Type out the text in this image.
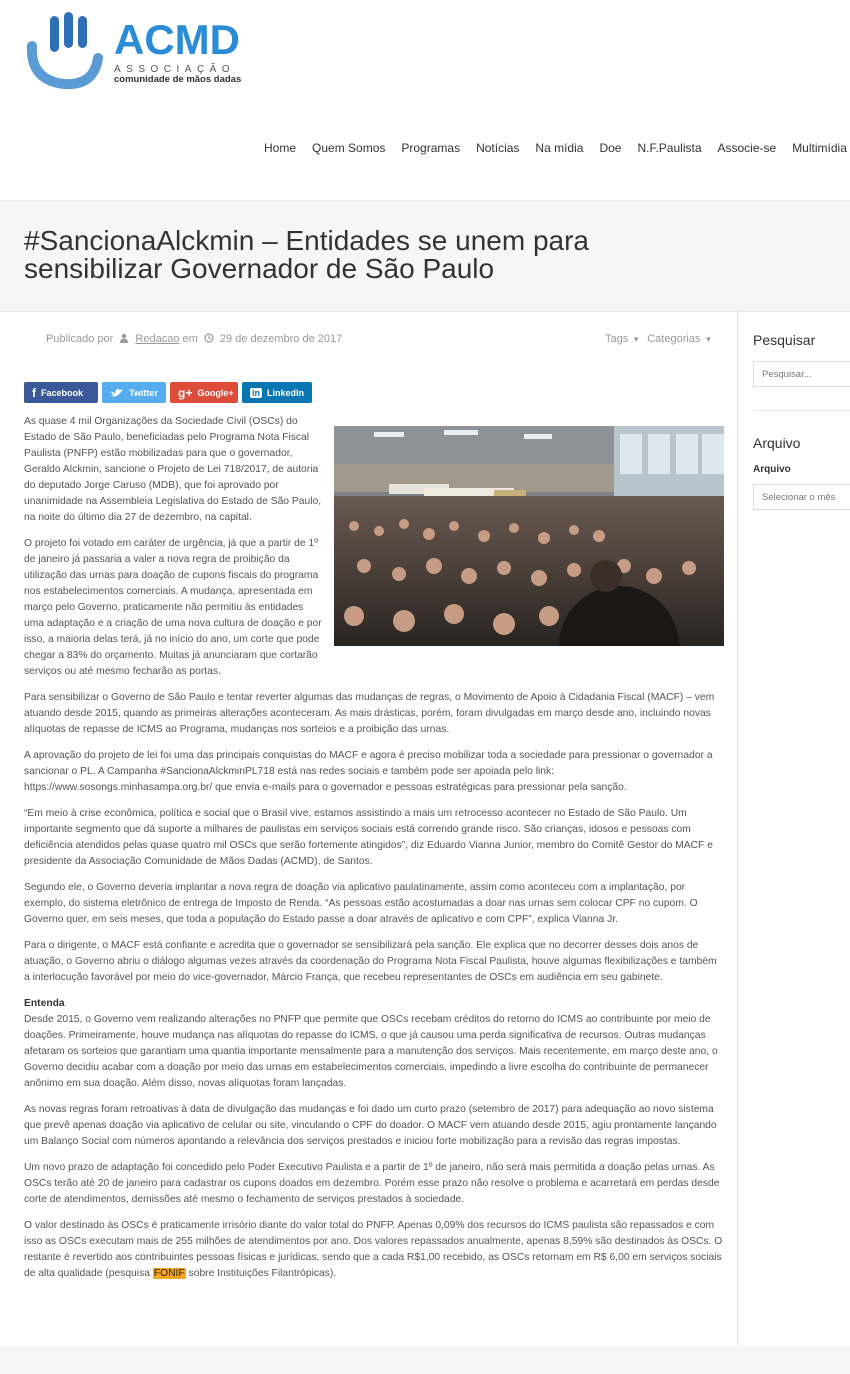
ACMD
ASSOCIAÇÃO
comunidade de mãos dadas
Home Quem Somos Programas Notícias Na mídia Doe N.F.Paulista Associe-se Multimídia
#SancionaAlckmin – Entidades se unem para sensibilizar Governador de São Paulo
Publicado por Redacao em 29 de dezembro de 2017	Tags ▼ Categorias ▼
f Facebook	Twitter g+ Google+ in LinkedIn
Pesquisar
Pesquisar...
Arquivo
Arquivo
Selecionar o mês

As quase 4 mil Organizações da Sociedade Civil (OSCs) do Estado de São Paulo, beneficiadas pelo Programa Nota Fiscal Paulista (PNFP) estão mobilizadas para que o governador, Geraldo Alckmin, sancione o Projeto de Lei 718/2017, de autoria do deputado Jorge Caruso (MDB), que foi aprovado por unanimidade na Assembleia Legislativa do Estado de São Paulo, na noite do último dia 27 de dezembro, na capital.

O projeto foi votado em caráter de urgência, já que a partir de 1º de janeiro já passaria a valer a nova regra de proibição da utilização das urnas para doação de cupons fiscais do programa nos estabelecimentos comerciais. A mudança, apresentada em março pelo Governo, praticamente não permitiu às entidades uma adaptação e a criação de uma nova cultura de doação e por isso, a maioria delas terá, já no início do ano, um corte que pode chegar a 83% do orçamento. Muitas já anunciaram que cortarão serviços ou até mesmo fecharão as portas.

Para sensibilizar o Governo de São Paulo e tentar reverter algumas das mudanças de regras, o Movimento de Apoio à Cidadania Fiscal (MACF) – vem atuando desde 2015, quando as primeiras alterações aconteceram. As mais drásticas, porém, foram divulgadas em março desde ano, incluindo novas alíquotas de repasse de ICMS ao Programa, mudanças nos sorteios e a proibição das urnas.

A aprovação do projeto de lei foi uma das principais conquistas do MACF e agora é preciso mobilizar toda a sociedade para pressionar o governador a sancionar o PL. A Campanha #SancionaAlckminPL718 está nas redes sociais e também pode ser apoiada pelo link: https://www.sosongs.minhasampa.org.br/ que envia e-mails para o governador e pessoas estratégicas para pressionar pela sanção.

“Em meio à crise econômica, política e social que o Brasil vive, estamos assistindo a mais um retrocesso acontecer no Estado de São Paulo. Um importante segmento que dá suporte a milhares de paulistas em serviços sociais está correndo grande risco. São crianças, idosos e pessoas com deficiência atendidos pelas quase quatro mil OSCs que serão fortemente atingidos”, diz Eduardo Vianna Junior, membro do Comitê Gestor do MACF e presidente da Associação Comunidade de Mãos Dadas (ACMD), de Santos.

Segundo ele, o Governo deveria implantar a nova regra de doação via aplicativo paulatinamente, assim como aconteceu com a implantação, por exemplo, do sistema eletrônico de entrega de Imposto de Renda. “As pessoas estão acostumadas a doar nas urnas sem colocar CPF no cupom. O Governo quer, em seis meses, que toda a população do Estado passe a doar através de aplicativo e com CPF”, explica Vianna Jr.

Para o dirigente, o MACF está confiante e acredita que o governador se sensibilizará pela sanção. Ele explica que no decorrer desses dois anos de atuação, o Governo abriu o diálogo algumas vezes através da coordenação do Programa Nota Fiscal Paulista, houve algumas flexibilizações e também a interlocução favorável por meio do vice-governador, Márcio França, que recebeu representantes de OSCs em audiência em seu gabinete.

Entenda

Desde 2015, o Governo vem realizando alterações no PNFP que permite que OSCs recebam créditos do retorno do ICMS ao contribuinte por meio de doações. Primeiramente, houve mudança nas alíquotas do repasse do ICMS, o que já causou uma perda significativa de recursos. Outras mudanças afetaram os sorteios que garantiam uma quantia importante mensalmente para a manutenção dos serviços. Mais recentemente, em março deste ano, o Governo decidiu acabar com a doação por meio das urnas em estabelecimentos comerciais, impedindo a livre escolha do contribuinte de permanecer anônimo em sua doação. Além disso, novas alíquotas foram lançadas.

As novas regras foram retroativas à data de divulgação das mudanças e foi dado um curto prazo (setembro de 2017) para adequação ao novo sistema que prevê apenas doação via aplicativo de celular ou site, vinculando o CPF do doador. O MACF vem atuando desde 2015, agiu prontamente lançando um Balanço Social com números apontando a relevância dos serviços prestados e iniciou forte mobilização para a revisão das regras impostas.

Um novo prazo de adaptação foi concedido pelo Poder Executivo Paulista e a partir de 1º de janeiro, não será mais permitida a doação pelas urnas. As OSCs terão até 20 de janeiro para cadastrar os cupons doados em dezembro. Porém esse prazo não resolve o problema e acarretará em perdas desde corte de atendimentos, demissões até mesmo o fechamento de serviços prestados à sociedade.

O valor destinado às OSCs é praticamente irrisório diante do valor total do PNFP. Apenas 0,09% dos recursos do ICMS paulista são repassados e com isso as OSCs executam mais de 255 milhões de atendimentos por ano. Dos valores repassados anualmente, apenas 8,59% são destinados às OSCs. O restante é revertido aos contribuintes pessoas físicas e jurídicas, sendo que a cada R$1,00 recebido, as OSCs retornam em R$ 6,00 em serviços sociais de alta qualidade (pesquisa FONIF sobre Instituições Filantrópicas).
